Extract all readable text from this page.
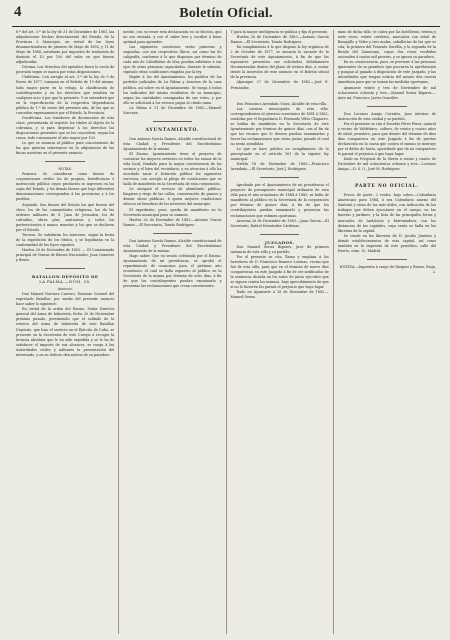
4	Boletín Oficial.

8.º del art. 3.º de la ley de 31 de Diciembre de 1881, las adquisiciones hechas directamente del Estado, de la Provincia ó Municipio, en virtud de las leyes desamortizadoras de primero de Mayo de 1855, y 11 de Mayo de 1888, satisfarán por impuesto de traslación de dominio el 10 por 100 del valor en que fueron adjudicadas.

Décima. Los derechos del apéndice fuera la cuota de posesión segun se marca por estas disposiciones.

Undécima. Con arreglo al art. 1.º de la ley de 9 de Enero de 1877, tomaran en el Boletín de 19 del mismo, toda mayor parte en la rebaja, la clasificación de contribuyentes y en los derechos que resulten en cualquier acto ó por que la presente. Y se entenderá que en la especificación de la respectiva dependencia pública de 1.º de enero del presente año, de las que se conceden expresamente por el Estado, la Provincia.

Duodécima. Los tenedores de documentos de esta clase, presentarán al registro los títulos al objeto de la cobranza, y si para dispensar á los derechos las disposiciones generales que se les concederá, segun los casos, todo consumarse el año mayor por 100.

Lo que se anuncia al público para conocimiento de las que quieran interesarse en la adquisición de las fincas nuestras en el presente anuncio.

NOTAS.

Primera. Se consideran como bienes de corporaciones civiles los de propios, beneficencia é instrucción pública cuyos productos se ingresen en las cajas del Estado, y los demás bienes que bajo diferentes denominaciones corresponden á las provincias y á los pueblos.

Segunda. Son bienes del Estado los que fueron del clero, los de las comunidades religiosas, los de las órdenes militares de S. Juan de Jerusalen, los de cofradías, obras pías, santuarios y todos los pertenecientes á manos muertas y los que se declaren por el Estado.

Tercera. Se satisfarán los intereses, segun la fecha de la expedición de los títulos, y se liquidarán en la conformidad de las leyes vigentes.

Huelva 28 de Diciembre de 1883. — El Comisionado principal de Ventas de Bienes Nacionales, Juan Quintero y Bravo.

BATALLON DEPÓSITO DE
LA PALMA.—NÚM. 28.
Anuncio.

Don Manuel Narvaez Carrero, Teniente Coronel del expresado Batallon, por medio del presente anuncio hace saber lo siguiente:

En virtud de la orden del Excmo. Señor Director general del Arma de Infantería, fecha 20 de Noviembre próximo pasado, previniendo que el soldado de la reserva del Arma de Infantería de este Batallon Depósito, que hizo el servicio en el Ejército de Cuba, se presente en la Secretaría de este Cuerpo á recoger la licencia absoluta que le ha sido expedida y se le ha de satisfacer el importe de sus alcances, se ruega á las Autoridades civiles y militares la presentación del interesado, y en su defecto den noticia de su paradero.

mente, con su tener esta declaración en su dicción, que no sea enviada, y con el saber leer y escribir á buen optimal para aprender.

Las siguientes cuestiones serán primeras y segundas, con sus respectivos libros, así como las de caligrafía, conforme á lo que disponen por término de cada año de Caballerías de Mar, puedan exhibirse á sus ojos de otras personas capacitadas, durante la subasta, rigiendo estas condiciones exigidas por la ley.

Repite á los del Ayuntamiento, los pueblos de los partidos judiciales de La Palma y Aracena de la casa pública, así sobre en el Ayuntamiento. Se ruega á todos los indicados del mismo residentes de su municipio, segun las cantidades consignadas de sus votos, y por ello se solicitará á los vecinos pagar al citado ramo.

La Palma á 21 de Diciembre de 1883.—Manuel Narvaez.

AYUNTAMIENTO.

Don Antonio García Ramos, Alcalde constitucional de esta Ciudad y Presidente del Excelentísimo Ayuntamiento de la misma.

El Excmo. Ayuntamiento tiene el proyecto de contratar los mejores servicios en todos los ramos de la vida local, fundado para la mayor conveniencia de los vecinos y el bien del vecindario, y en atencion á ello ha acordado sacar á licitación pública los siguientes servicios, con arreglo al pliego de condiciones que se halla de manifiesto en la Secretaría de esta corporación.

Se otorgará el servicio de alumbrado público, limpieza y riego de las calles, conservación de paseos y demás obras públicas, á quien mejores condiciones ofrezca en beneficio de los intereses del municipio.

El expediente, pues, queda de manifiesto en la Secretaría municipal para su examen.

Huelva 26 de Diciembre de 1883.—Antonio García Ramos.—El Secretario, Tomás Rodríguez.

Don Antonio García Ramos, Alcalde constitucional de esta Ciudad y Presidente del Excelentísimo Ayuntamiento de la misma.

Hago saber: Que en sesión celebrada por el Excmo. Ayuntamiento de mi presidencia, se aprobó el repartimiento de consumos para el próximo año económico, el cual se halla expuesto al público en la Secretaría de la misma por término de ocho días, á fin de que los contribuyentes puedan examinarlo y presentar las reclamaciones que crean convenientes.

Y para la mayor inteligencia se publica y fija el presente.

Huelva 26 de Diciembre de 1883.—Antonio García Ramos.—El Secretario, Tomás Rodríguez.

En cumplimiento á lo que dispone la ley orgánica de 2 de Octubre de 1877, se anuncia la vacante de la Secretaría de este Ayuntamiento, á fin de que los aspirantes presenten sus solicitudes debidamente documentadas dentro del plazo de treinta días, á contar desde la inserción de este anuncio en el Boletín oficial de la provincia.

Aljaraque 27 de Diciembre de 1883.—José E. Fernández.

Don Francisco Avendaño Mora, Alcalde de esta villa.

Las cuentas municipales de esta villa, correspondientes al ejercicio económico de 1881 á 1882, rendidas por el Depositario D. Fernando Vélez Chaparro, se hallan de manifiesto en la Secretaría de este Ayuntamiento por término de quince días, con el fin de que los vecinos que lo deseen puedan examinarlas y hacer las reclamaciones que crean justas, pasado el cual no serán atendidas.

Lo que se hace público en cumplimiento de lo preceptuado en el artículo 161 de la vigente ley municipal.

Niebla 18 de Diciembre de 1883.—Francisco Avendaño.—El Secretario, José J. Rodríguez.

Aprobado por el Ayuntamiento de mi presidencia el proyecto de presupuesto municipal ordinario de esta villa para el año económico de 1884 á 1885, se halla de manifiesto al público en la Secretaría de la corporación por término de quince días, á fin de que los contribuyentes puedan examinarlo y presentar las reclamaciones que estimen oportunas.

Aracena 26 de Diciembre de 1883.—Juan García.—El Secretario, Rafael Hernández Cárdenas.

JUZGADOS.

Don Manuel Serna Bigares, Juez de primera instancia de esta villa y su partido.

Por el presente se cita, llama y emplaza á los herederos de D. Francisco Romero Lorenzo, vecino que fué de esta villa, para que en el término de nueve días comparezcan en este Juzgado á fin de ser notificados de la sentencia dictada en los autos de juicio ejecutivo que se siguen contra los mismos, bajo apercibimiento de que si no lo hicieren les parará el perjuicio que haya lugar.

Dado en Ayamonte á 28 de Diciembre de 1883.—Manuel Serna.

mino de dicha villa; se cobra por las botelleras, treinta y siete reses, veinte corderos, marcados con señal de Ronquillo y Velez y tres mulas, caballerías de las que se cita; la primera del Teniente Zorrilla, y la segunda de la Ronda del Zamorano, cuyas dos reses recibidas ascienden á cuatro mil pesetas, y se ignora su paradero.

En su consecuencia, pues, se previene á las personas ignorantes de su paradero que procuren la aprehensión y pongan al ganado á disposición de este Juzgado, y las Autoridades que tengan noticia del mismo den cuenta inmediata para que se tomen las medidas oportunas.

Ayamonte veinte y tres de Noviembre de mil ochocientos ochenta y tres.—Manuel Serna Bigares.—Ante mí, Francisco Javier González.

Don Lorenzo Amigo Corrales, Juez interino de instrucción de esta ciudad y su partido.

Por el presente se cita á Eusebio Pérez Pérez, natural y vecino de Valdelarco, soltero, de veinte y cuatro años de edad, jornalero, para que dentro del término de diez días comparezca en este Juzgado á fin de prestar declaración en la causa que contra el mismo se instruye por el delito de hurto, apercibido que de no comparecer le parará el perjuicio á que haya lugar.

Dado en Fregenal de la Sierra á veinte y cuatro de Diciembre de mil ochocientos ochenta y tres.—Lorenzo Amigo.—D. S. O., José M. Rodríguez.

PARTE NO OFICIAL.

Precio de porte, 2 reales, bajo sobre.—Calendario Americano para 1884, ó sea Calendario ameno del Santoral y otras de las más útiles, con indicación de los trabajos que deben ejecutarse en el campo, en las huertas y jardines, y la lista de las principales ferias y mercados de Andalucía y Extremadura, con las distancias de las capitales, cuya venta se halla en las librerías de la capital.

Se vende en las librerías de D. Jacobo Jiménez y demás establecimientos de esta capital, así como también en la imprenta de este periódico, calle del Puerto, núm. 10, Madrid.

HUELVA.—Imprenta á cargo de Vázquez y Bueno, Rioja, 2.
